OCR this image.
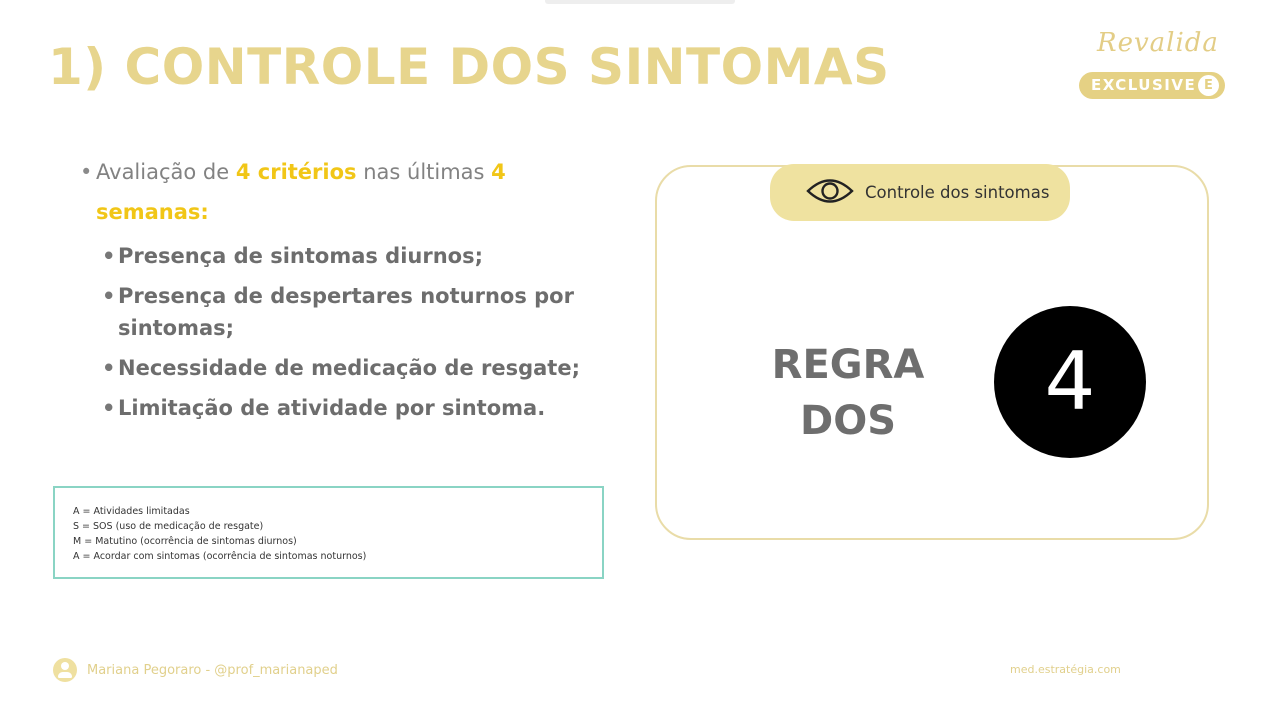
1) CONTROLE DOS SINTOMAS	Revalida
EXCLUSIVE E
• Avaliação de 4 critérios nas últimas 4
semanas:
• Presença de sintomas diurnos;
• Presença de despertares noturnos por sintomas;
• Necessidade de medicação de resgate;
• Limitação de atividade por sintoma.
A = Atividades limitadas
S = SOS (uso de medicação de resgate)
M = Matutino (ocorrência de sintomas diurnos)
A = Acordar com sintomas (ocorrência de sintomas noturnos)
Controle dos sintomas
REGRA
DOS	4
Mariana Pegoraro - @prof_marianaped	med.estratégia.com
